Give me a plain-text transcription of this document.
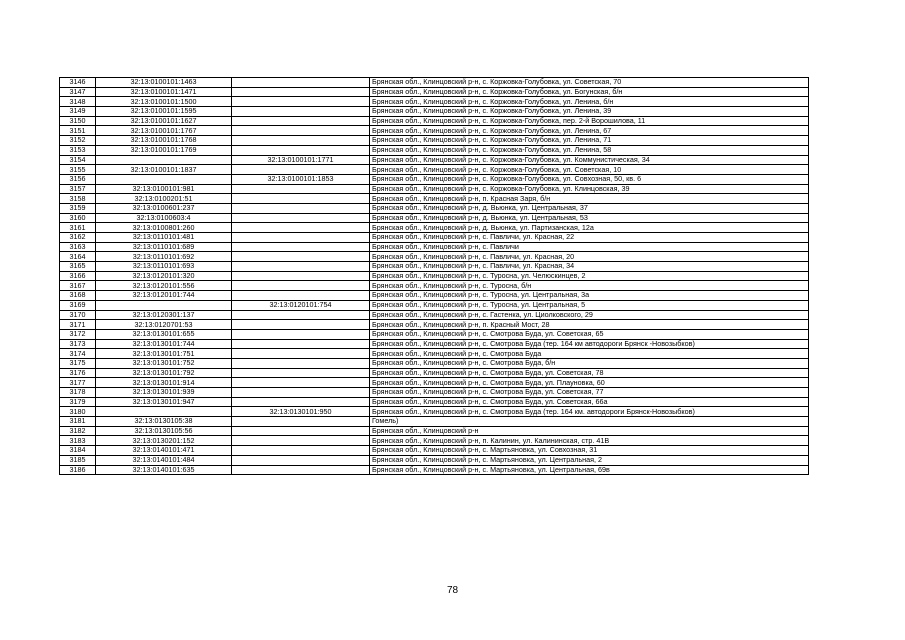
3146	32:13:0100101:1463		Брянская обл., Клинцовский р-н, с. Коржовка-Голубовка, ул. Советская, 70
3147	32:13:0100101:1471		Брянская обл., Клинцовский р-н, с. Коржовка-Голубовка, ул. Богунская, б/н
3148	32:13:0100101:1500		Брянская обл., Клинцовский р-н, с. Коржовка-Голубовка, ул. Ленина, б/н
3149	32:13:0100101:1595		Брянская обл., Клинцовский р-н, с. Коржовка-Голубовка, ул. Ленина, 39
3150	32:13:0100101:1627		Брянская обл., Клинцовский р-н, с. Коржовка-Голубовка, пер. 2-й Ворошилова, 11
3151	32:13:0100101:1767		Брянская обл., Клинцовский р-н, с. Коржовка-Голубовка, ул. Ленина, 67
3152	32:13:0100101:1768		Брянская обл., Клинцовский р-н, с. Коржовка-Голубовка, ул. Ленина, 71
3153	32:13:0100101:1769		Брянская обл., Клинцовский р-н, с. Коржовка-Голубовка, ул. Ленина, 58
3154		32:13:0100101:1771	Брянская обл., Клинцовский р-н, с. Коржовка-Голубовка, ул. Коммунистическая, 34
3155	32:13:0100101:1837		Брянская обл., Клинцовский р-н, с. Коржовка-Голубовка, ул. Советская, 10
3156		32:13:0100101:1853	Брянская обл., Клинцовский р-н, с. Коржовка-Голубовка, ул. Совхозная, 50, кв. 6
3157	32:13:0100101:981		Брянская обл., Клинцовский р-н, с. Коржовка-Голубовка, ул. Клинцовская, 39
3158	32:13:0100201:51		Брянская обл., Клинцовский р-н, п. Красная Заря, б/н
3159	32:13:0100601:237		Брянская обл., Клинцовский р-н, д. Вьюнка, ул. Центральная, 37
3160	32:13:0100603:4		Брянская обл., Клинцовский р-н, д. Вьюнка, ул. Центральная, 53
3161	32:13:0100801:260		Брянская обл., Клинцовский р-н, д. Вьюнка, ул. Партизанская, 12а
3162	32:13:0110101:481		Брянская обл., Клинцовский р-н, с. Павличи, ул. Красная, 22
3163	32:13:0110101:689		Брянская обл., Клинцовский р-н, с. Павличи
3164	32:13:0110101:692		Брянская обл., Клинцовский р-н, с. Павличи, ул. Красная, 20
3165	32:13:0110101:693		Брянская обл., Клинцовский р-н, с. Павличи, ул. Красная, 34
3166	32:13:0120101:320		Брянская обл., Клинцовский р-н, с. Туросна, ул. Челюскинцев, 2
3167	32:13:0120101:556		Брянская обл., Клинцовский р-н, с. Туросна, б/н
3168	32:13:0120101:744		Брянская обл., Клинцовский р-н, с. Туросна, ул. Центральная, 3а
3169		32:13:0120101:754	Брянская обл., Клинцовский р-н, с. Туросна, ул. Центральная, 5
3170	32:13:0120301:137		Брянская обл., Клинцовский р-н, с. Гастенка, ул. Циолковского, 29
3171	32:13:0120701:53		Брянская обл., Клинцовский р-н, п. Красный Мост, 28
3172	32:13:0130101:655		Брянская обл., Клинцовский р-н, с. Смотрова Буда, ул. Советская, 65
3173	32:13:0130101:744		Брянская обл., Клинцовский р-н, с. Смотрова Буда (тер. 164 км автодороги Брянск -Новозыбков)
3174	32:13:0130101:751		Брянская обл., Клинцовский р-н, с. Смотрова Буда
3175	32:13:0130101:752		Брянская обл., Клинцовский р-н, с. Смотрова Буда, б/н
3176	32:13:0130101:792		Брянская обл., Клинцовский р-н, с. Смотрова Буда, ул. Советская, 78
3177	32:13:0130101:914		Брянская обл., Клинцовский р-н, с. Смотрова Буда, ул. Плауновка, 60
3178	32:13:0130101:939		Брянская обл., Клинцовский р-н, с. Смотрова Буда, ул. Советская, 77
3179	32:13:0130101:947		Брянская обл., Клинцовский р-н, с. Смотрова Буда, ул. Советская, 66а
3180		32:13:0130101:950	Брянская обл., Клинцовский р-н, с. Смотрова Буда (тер. 164 км. автодороги Брянск-Новозыбков)
3181	32:13:0130105:38		Гомель)
3182	32:13:0130105:56		Брянская обл., Клинцовский р-н
3183	32:13:0130201:152		Брянская обл., Клинцовский р-н, п. Калинин, ул. Калининская, стр. 41В
3184	32:13:0140101:471		Брянская обл., Клинцовский р-н, с. Мартьяновка, ул. Совхозная, 31
3185	32:13:0140101:484		Брянская обл., Клинцовский р-н, с. Мартьяновка, ул. Центральная, 2
3186	32:13:0140101:635		Брянская обл., Клинцовский р-н, с. Мартьяновка, ул. Центральная, 69в
78
